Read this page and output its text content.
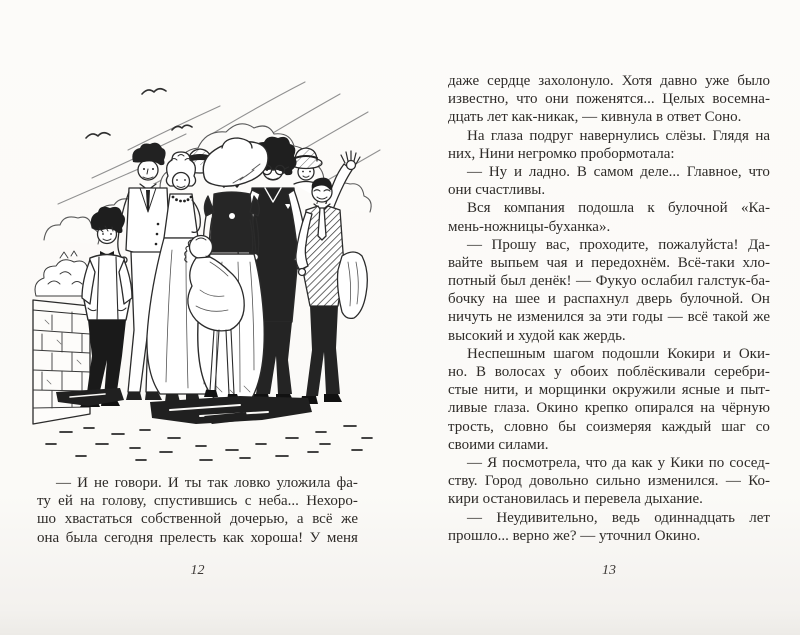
— И не говори. И ты так ловко уложила фа-
ту ей на голову, спустившись с неба... Нехоро-
шо хвастаться собственной дочерью, а всё же
она была сегодня прелесть как хороша! У меня
12
даже сердце захолонуло. Хотя давно уже было
известно, что они поженятся... Целых восемна-
дцать лет как-никак, — кивнула в ответ Соно.
На глаза подруг навернулись слёзы. Глядя на
них, Нини негромко пробормотала:
— Ну и ладно. В самом деле... Главное, что
они счастливы.
Вся компания подошла к булочной «Ка-
мень-ножницы-буханка».
— Прошу вас, проходите, пожалуйста! Да-
вайте выпьем чая и передохнём. Всё-таки хло-
потный был денёк! — Фукуо ослабил галстук-ба-
бочку на шее и распахнул дверь булочной. Он
ничуть не изменился за эти годы — всё такой же
высокий и худой как жердь.
Неспешным шагом подошли Кокири и Оки-
но. В волосах у обоих поблёскивали серебри-
стые нити, и морщинки окружили ясные и пыт-
ливые глаза. Окино крепко опирался на чёрную
трость, словно бы соизмеряя каждый шаг со
своими силами.
— Я посмотрела, что да как у Кики по сосед-
ству. Город довольно сильно изменился. — Ко-
кири остановилась и перевела дыхание.
— Неудивительно, ведь одиннадцать лет
прошло... верно же? — уточнил Окино.
13
